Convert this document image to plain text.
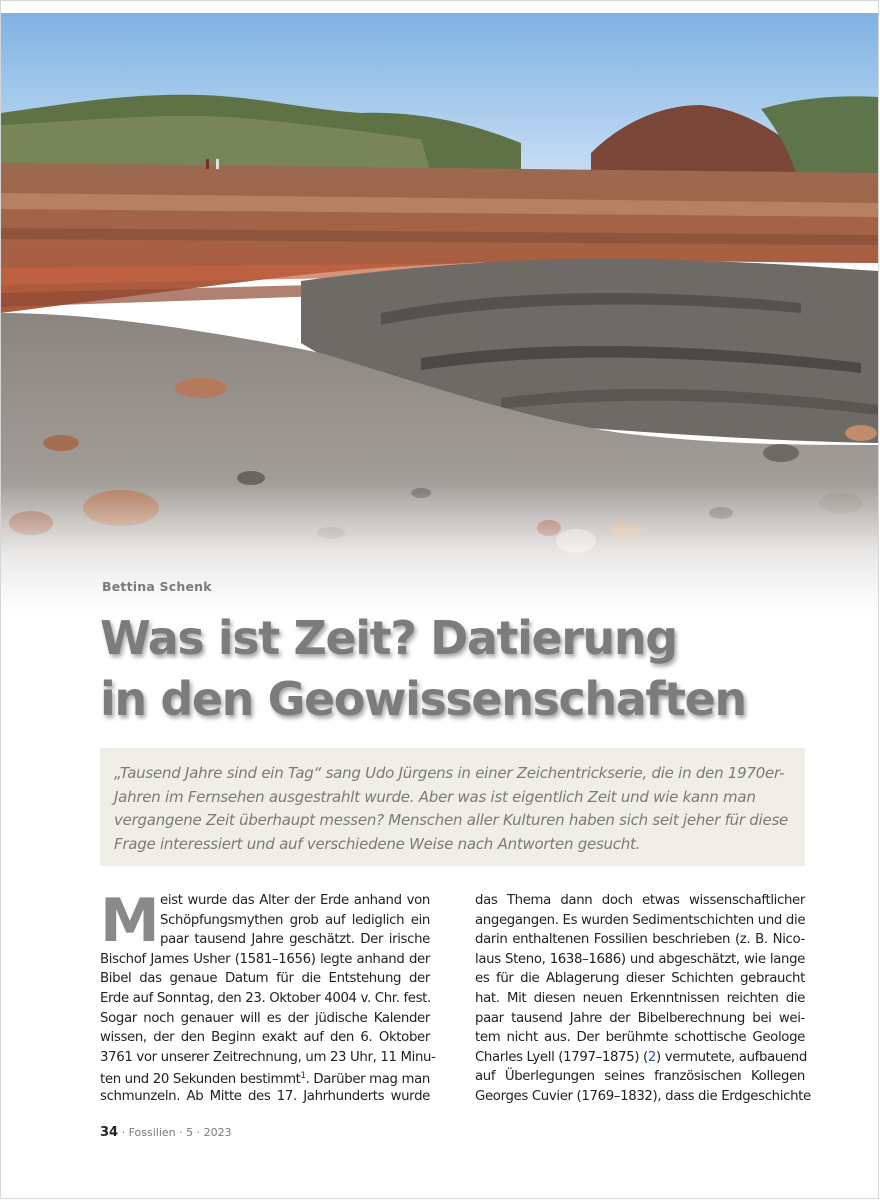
Bettina Schenk
Was ist Zeit? Datierung
in den Geowissenschaften
„Tausend Jahre sind ein Tag“ sang Udo Jürgens in einer Zeichentrickserie, die in den 1970er-
Jahren im Fernsehen ausgestrahlt wurde. Aber was ist eigentlich Zeit und wie kann man
vergangene Zeit überhaupt messen? Menschen aller Kulturen haben sich seit jeher für diese
Frage interessiert und auf verschiedene Weise nach Antworten gesucht.
M eist wurde das Alter der Erde anhand von
Schöpfungsmythen grob auf lediglich ein
paar tausend Jahre geschätzt. Der irische
Bischof James Usher (1581–1656) legte anhand der
Bibel das genaue Datum für die Entstehung der
Erde auf Sonntag, den 23. Oktober 4004 v. Chr. fest.
Sogar noch genauer will es der jüdische Kalender
wissen, der den Beginn exakt auf den 6. Oktober
3761 vor unserer Zeitrechnung, um 23 Uhr, 11 Minu-
ten und 20 Sekunden bestimmt$^1$. Darüber mag man
schmunzeln. Ab Mitte des 17. Jahrhunderts wurde
das Thema dann doch etwas wissenschaftlicher
angegangen. Es wurden Sedimentschichten und die
darin enthaltenen Fossilien beschrieben (z. B. Nico-
laus Steno, 1638–1686) und abgeschätzt, wie lange
es für die Ablagerung dieser Schichten gebraucht
hat. Mit diesen neuen Erkenntnissen reichten die
paar tausend Jahre der Bibelberechnung bei wei-
tem nicht aus. Der berühmte schottische Geologe
Charles Lyell (1797–1875) (2) vermutete, aufbauend
auf Überlegungen seines französischen Kollegen
Georges Cuvier (1769–1832), dass die Erdgeschichte
34 · Fossilien · 5 · 2023
